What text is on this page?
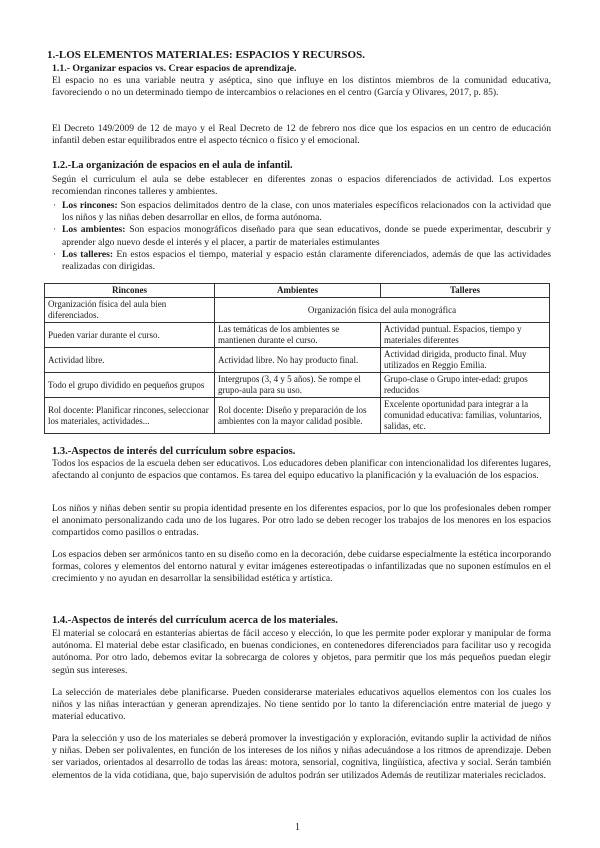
1.-LOS ELEMENTOS MATERIALES: ESPACIOS Y RECURSOS.
1.1.- Organizar espacios vs. Crear espacios de aprendizaje.
El espacio no es una variable neutra y aséptica, sino que influye en los distintos miembros de la comunidad educativa, favoreciendo o no un determinado tiempo de intercambios o relaciones en el centro (García y Olivares, 2017, p. 85).
El Decreto 149/2009 de 12 de mayo y el Real Decreto de 12 de febrero nos dice que los espacios en un centro de educación infantil deben estar equilibrados entre el aspecto técnico o físico y el emocional.
1.2.-La organización de espacios en el aula de infantil.
Según el curriculum el aula se debe establecer en diferentes zonas o espacios diferenciados de actividad. Los expertos recomiendan rincones talleres y ambientes.
· Los rincones: Son espacios delimitados dentro de la clase, con unos materiales específicos relacionados con la actividad que los niños y las niñas deben desarrollar en ellos, de forma autónoma.
· Los ambientes: Son espacios monográficos diseñado para que sean educativos, donde se puede experimentar, descubrir y aprender algo nuevo desde el interés y el placer, a partir de materiales estimulantes
· Los talleres: En estos espacios el tiempo, material y espacio están claramente diferenciados, además de que las actividades realizadas con dirigidas.
Rincones	Ambientes	Talleres
Organización física del aula bien diferenciados.	Organización física del aula monográfica	
Pueden variar durante el curso.	Las temáticas de los ambientes se mantienen durante el curso.	Actividad puntual. Espacios, tiempo y materiales diferentes
Actividad libre.	Actividad libre. No hay producto final.	Actividad dirigida, producto final. Muy utilizados en Reggio Emilia.
Todo el grupo dividido en pequeños grupos	Intergrupos (3, 4 y 5 años). Se rompe el grupo-aula para su uso.	Grupo-clase o Grupo inter-edad: grupos reducidos
Rol docente: Planificar rincones, seleccionar los materiales, actividades...	Rol docente: Diseño y preparación de los ambientes con la mayor calidad posible.	Excelente oportunidad para integrar a la comunidad educativa: familias, voluntarios, salidas, etc.
1.3.-Aspectos de interés del currículum sobre espacios.
Todos los espacios de la escuela deben ser educativos. Los educadores deben planificar con intencionalidad los diferentes lugares, afectando al conjunto de espacios que contamos. Es tarea del equipo educativo la planificación y la evaluación de los espacios.
Los niños y niñas deben sentir su propia identidad presente en los diferentes espacios, por lo que los profesionales deben romper el anonimato personalizando cada uno de los lugares. Por otro lado se deben recoger los trabajos de los menores en los espacios compartidos como pasillos o entradas.
Los espacios deben ser armónicos tanto en su diseño como en la decoración, debe cuidarse especialmente la estética incorporando formas, colores y elementos del entorno natural y evitar imágenes estereotipadas o infantilizadas que no suponen estímulos en el crecimiento y no ayudan en desarrollar la sensibilidad estética y artística.
1.4.-Aspectos de interés del currículum acerca de los materiales.
El material se colocará en estanterías abiertas de fácil acceso y elección, lo que les permite poder explorar y manipular de forma autónoma. El material debe estar clasificado, en buenas condiciones, en contenedores diferenciados para facilitar uso y recogida autónoma. Por otro lado, debemos evitar la sobrecarga de colores y objetos, para permitir que los más pequeños puedan elegir según sus intereses.
La selección de materiales debe planificarse. Pueden considerarse materiales educativos aquellos elementos con los cuales los niños y las niñas interactúan y generan aprendizajes. No tiene sentido por lo tanto la diferenciación entre material de juego y material educativo.
Para la selección y uso de los materiales se deberá promover la investigación y exploración, evitando suplir la actividad de niños y niñas. Deben ser polivalentes, en función de los intereses de los niños y niñas adecuándose a los ritmos de aprendizaje. Deben ser variados, orientados al desarrollo de todas las áreas: motora, sensorial, cognitiva, lingüística, afectiva y social. Serán también elementos de la vida cotidiana, que, bajo supervisión de adultos podrán ser utilizados Además de reutilizar materiales reciclados.
1
